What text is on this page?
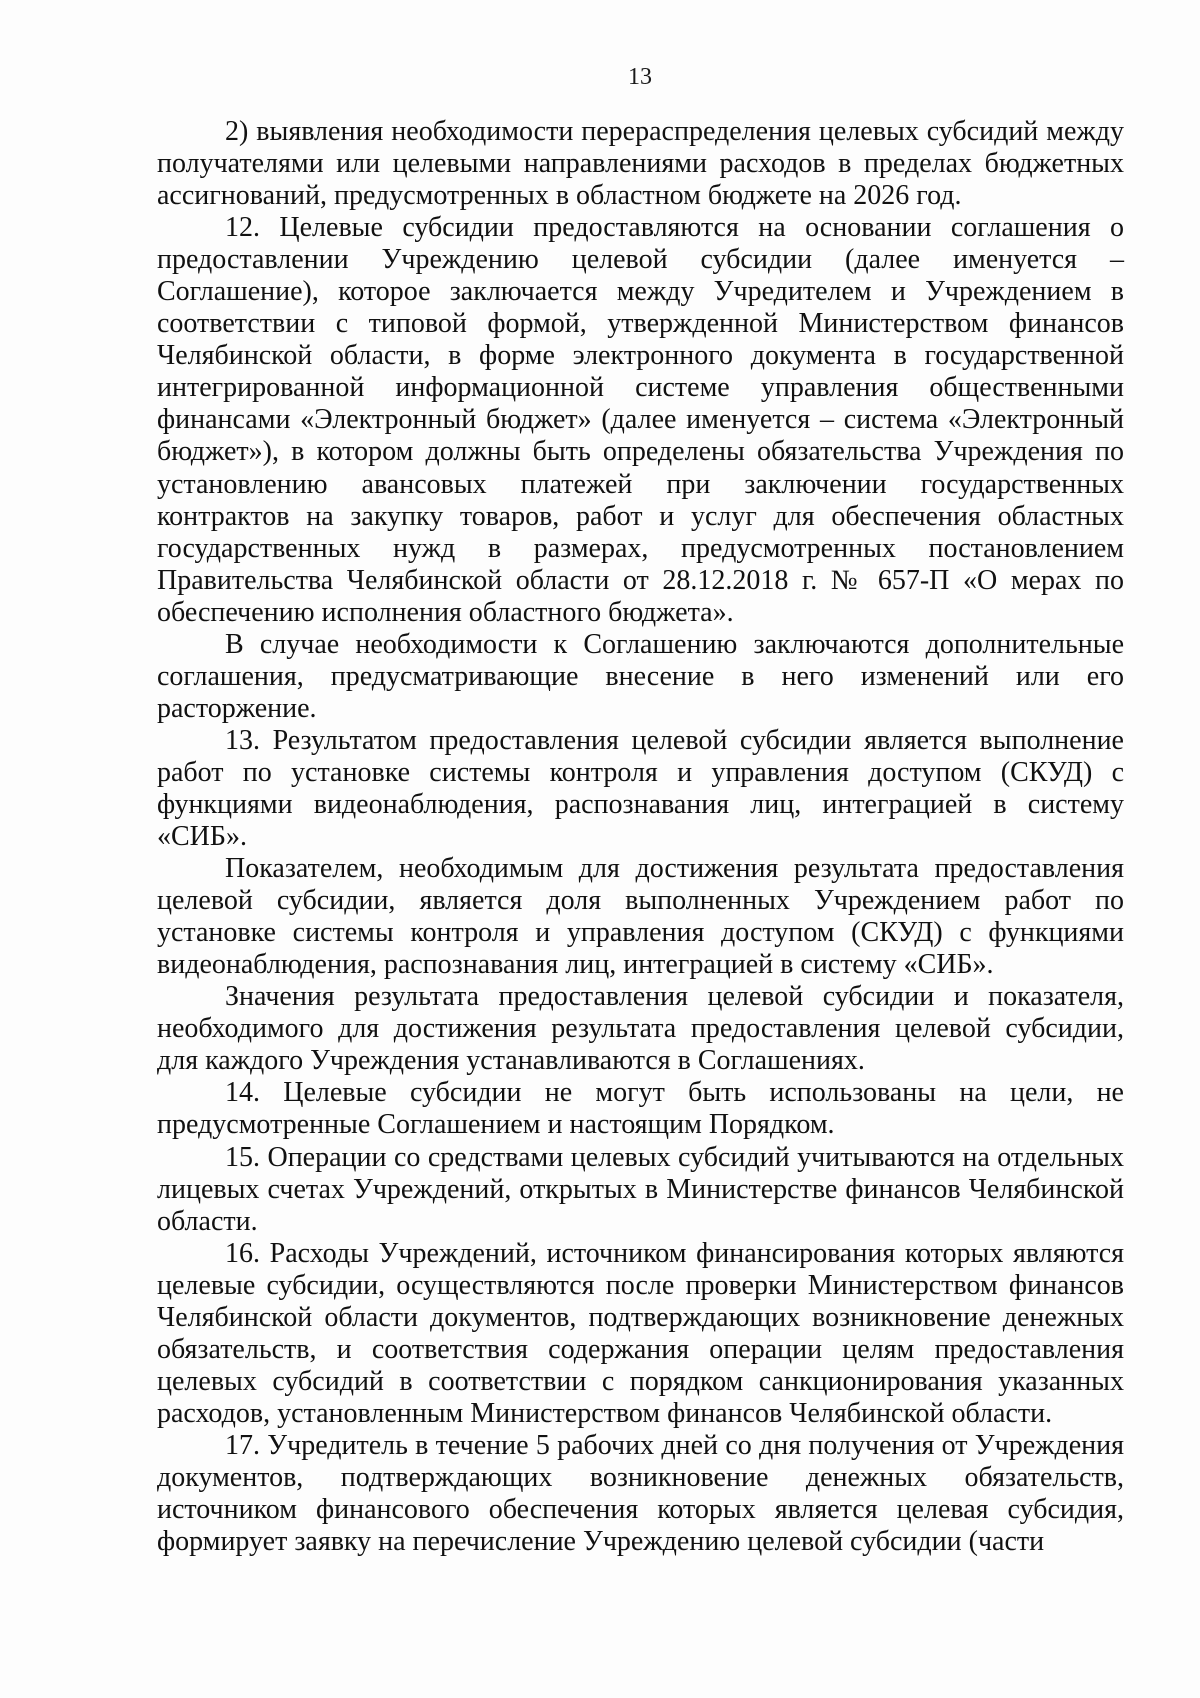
13

2) выявления необходимости перераспределения целевых субсидий между получателями или целевыми направлениями расходов в пределах бюджетных ассигнований, предусмотренных в областном бюджете на 2026 год.

12. Целевые субсидии предоставляются на основании соглашения о предоставлении Учреждению целевой субсидии (далее именуется – Соглашение), которое заключается между Учредителем и Учреждением в соответствии с типовой формой, утвержденной Министерством финансов Челябинской области, в форме электронного документа в государственной интегрированной информационной системе управления общественными финансами «Электронный бюджет» (далее именуется – система «Электронный бюджет»), в котором должны быть определены обязательства Учреждения по установлению авансовых платежей при заключении государственных контрактов на закупку товаров, работ и услуг для обеспечения областных государственных нужд в размерах, предусмотренных постановлением Правительства Челябинской области от 28.12.2018 г. № 657-П «О мерах по обеспечению исполнения областного бюджета».

В случае необходимости к Соглашению заключаются дополнительные соглашения, предусматривающие внесение в него изменений или его расторжение.

13. Результатом предоставления целевой субсидии является выполнение работ по установке системы контроля и управления доступом (СКУД) с функциями видеонаблюдения, распознавания лиц, интеграцией в систему «СИБ».

Показателем, необходимым для достижения результата предоставления целевой субсидии, является доля выполненных Учреждением работ по установке системы контроля и управления доступом (СКУД) с функциями видеонаблюдения, распознавания лиц, интеграцией в систему «СИБ».

Значения результата предоставления целевой субсидии и показателя, необходимого для достижения результата предоставления целевой субсидии, для каждого Учреждения устанавливаются в Соглашениях.

14. Целевые субсидии не могут быть использованы на цели, не предусмотренные Соглашением и настоящим Порядком.

15. Операции со средствами целевых субсидий учитываются на отдельных лицевых счетах Учреждений, открытых в Министерстве финансов Челябинской области.

16. Расходы Учреждений, источником финансирования которых являются целевые субсидии, осуществляются после проверки Министерством финансов Челябинской области документов, подтверждающих возникновение денежных обязательств, и соответствия содержания операции целям предоставления целевых субсидий в соответствии с порядком санкционирования указанных расходов, установленным Министерством финансов Челябинской области.

17. Учредитель в течение 5 рабочих дней со дня получения от Учреждения документов, подтверждающих возникновение денежных обязательств, источником финансового обеспечения которых является целевая субсидия, формирует заявку на перечисление Учреждению целевой субсидии (части
